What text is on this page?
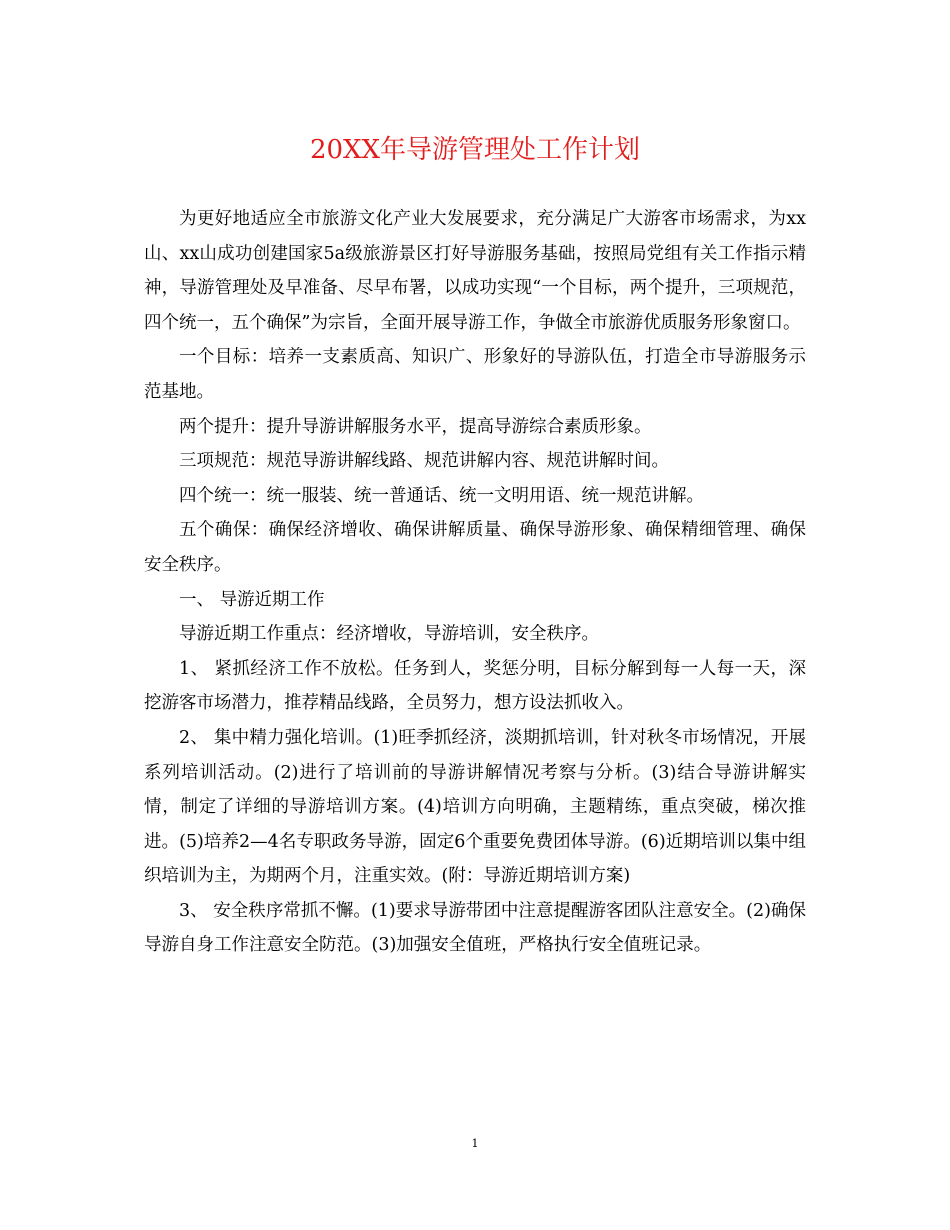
20XX年导游管理处工作计划

为更好地适应全市旅游文化产业大发展要求，充分满足广大游客市场需求，为xx山、xx山成功创建国家5a级旅游景区打好导游服务基础，按照局党组有关工作指示精神，导游管理处及早准备、尽早布署，以成功实现“一个目标，两个提升，三项规范，四个统一，五个确保”为宗旨，全面开展导游工作，争做全市旅游优质服务形象窗口。

一个目标：培养一支素质高、知识广、形象好的导游队伍，打造全市导游服务示范基地。

两个提升：提升导游讲解服务水平，提高导游综合素质形象。

三项规范：规范导游讲解线路、规范讲解内容、规范讲解时间。

四个统一：统一服装、统一普通话、统一文明用语、统一规范讲解。

五个确保：确保经济增收、确保讲解质量、确保导游形象、确保精细管理、确保安全秩序。

一、 导游近期工作

导游近期工作重点：经济增收，导游培训，安全秩序。

1、 紧抓经济工作不放松。任务到人，奖惩分明，目标分解到每一人每一天，深挖游客市场潜力，推荐精品线路，全员努力，想方设法抓收入。

2、 集中精力强化培训。(1)旺季抓经济，淡期抓培训，针对秋冬市场情况，开展系列培训活动。(2)进行了培训前的导游讲解情况考察与分析。(3)结合导游讲解实情，制定了详细的导游培训方案。(4)培训方向明确，主题精练，重点突破，梯次推进。(5)培养2—4名专职政务导游，固定6个重要免费团体导游。(6)近期培训以集中组织培训为主，为期两个月，注重实效。(附：导游近期培训方案)

3、 安全秩序常抓不懈。(1)要求导游带团中注意提醒游客团队注意安全。(2)确保导游自身工作注意安全防范。(3)加强安全值班，严格执行安全值班记录。

1
